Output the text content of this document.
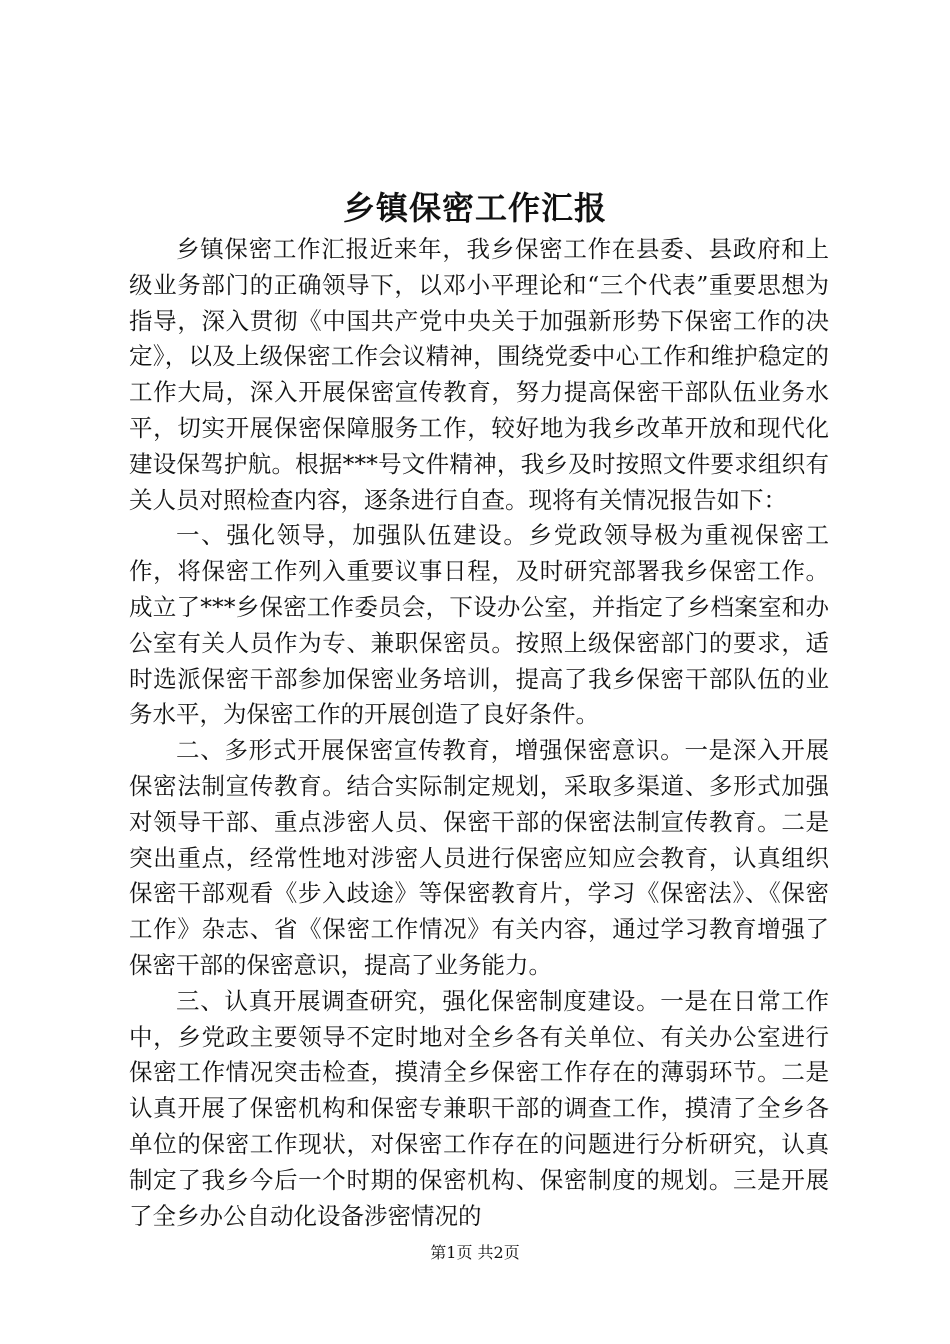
乡镇保密工作汇报

乡镇保密工作汇报近来年，我乡保密工作在县委、县政府和上级业务部门的正确领导下，以邓小平理论和“三个代表”重要思想为指导，深入贯彻《中国共产党中央关于加强新形势下保密工作的决定》，以及上级保密工作会议精神，围绕党委中心工作和维护稳定的工作大局，深入开展保密宣传教育，努力提高保密干部队伍业务水平，切实开展保密保障服务工作，较好地为我乡改革开放和现代化建设保驾护航。根据***号文件精神，我乡及时按照文件要求组织有关人员对照检查内容，逐条进行自查。现将有关情况报告如下：

一、强化领导，加强队伍建设。乡党政领导极为重视保密工作，将保密工作列入重要议事日程，及时研究部署我乡保密工作。成立了***乡保密工作委员会，下设办公室，并指定了乡档案室和办公室有关人员作为专、兼职保密员。按照上级保密部门的要求，适时选派保密干部参加保密业务培训，提高了我乡保密干部队伍的业务水平，为保密工作的开展创造了良好条件。

二、多形式开展保密宣传教育，增强保密意识。一是深入开展保密法制宣传教育。结合实际制定规划，采取多渠道、多形式加强对领导干部、重点涉密人员、保密干部的保密法制宣传教育。二是突出重点，经常性地对涉密人员进行保密应知应会教育，认真组织保密干部观看《步入歧途》等保密教育片，学习《保密法》、《保密工作》杂志、省《保密工作情况》有关内容，通过学习教育增强了保密干部的保密意识，提高了业务能力。

三、认真开展调查研究，强化保密制度建设。一是在日常工作中，乡党政主要领导不定时地对全乡各有关单位、有关办公室进行保密工作情况突击检查，摸清全乡保密工作存在的薄弱环节。二是认真开展了保密机构和保密专兼职干部的调查工作，摸清了全乡各单位的保密工作现状，对保密工作存在的问题进行分析研究，认真制定了我乡今后一个时期的保密机构、保密制度的规划。三是开展了全乡办公自动化设备涉密情况的

第1页 共2页
